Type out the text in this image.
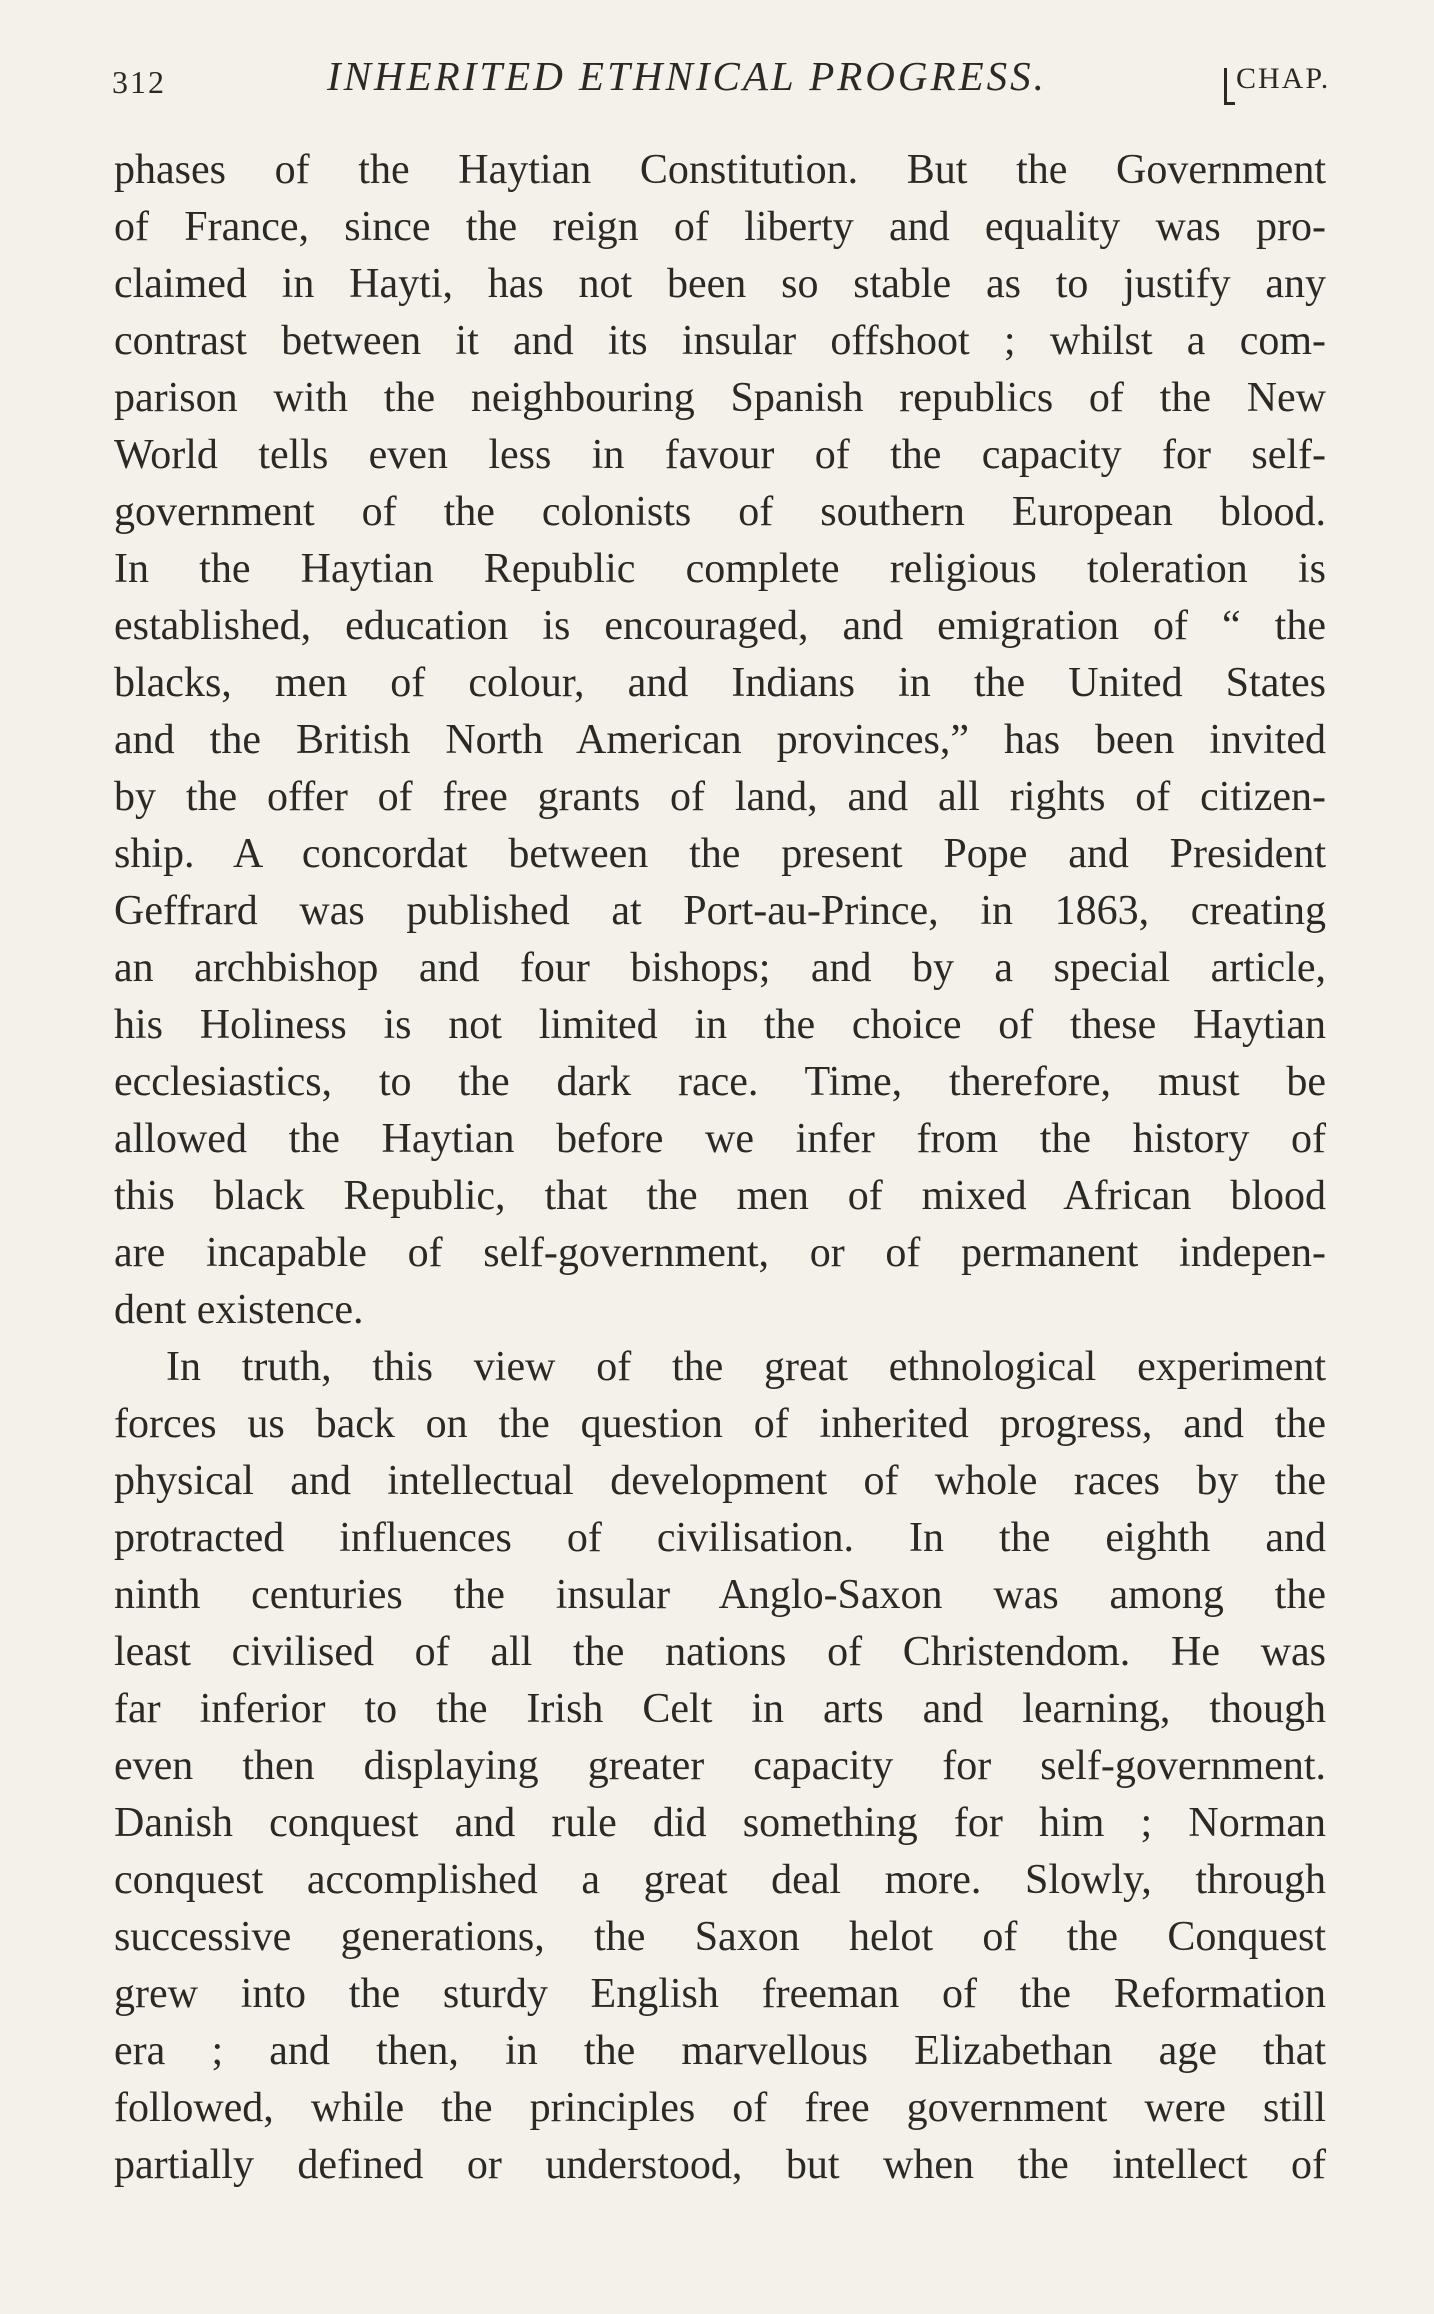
312	INHERITED ETHNICAL PROGRESS.	CHAP.
phases of the Haytian Constitution. But the Government
of France, since the reign of liberty and equality was pro-
claimed in Hayti, has not been so stable as to justify any
contrast between it and its insular offshoot ; whilst a com-
parison with the neighbouring Spanish republics of the New
World tells even less in favour of the capacity for self-
government of the colonists of southern European blood.
In the Haytian Republic complete religious toleration is
established, education is encouraged, and emigration of “ the
blacks, men of colour, and Indians in the United States
and the British North American provinces,” has been invited
by the offer of free grants of land, and all rights of citizen-
ship. A concordat between the present Pope and President
Geffrard was published at Port-au-Prince, in 1863, creating
an archbishop and four bishops; and by a special article,
his Holiness is not limited in the choice of these Haytian
ecclesiastics, to the dark race. Time, therefore, must be
allowed the Haytian before we infer from the history of
this black Republic, that the men of mixed African blood
are incapable of self-government, or of permanent indepen-
dent existence.
In truth, this view of the great ethnological experiment
forces us back on the question of inherited progress, and the
physical and intellectual development of whole races by the
protracted influences of civilisation. In the eighth and
ninth centuries the insular Anglo-Saxon was among the
least civilised of all the nations of Christendom. He was
far inferior to the Irish Celt in arts and learning, though
even then displaying greater capacity for self-government.
Danish conquest and rule did something for him ; Norman
conquest accomplished a great deal more. Slowly, through
successive generations, the Saxon helot of the Conquest
grew into the sturdy English freeman of the Reformation
era ; and then, in the marvellous Elizabethan age that
followed, while the principles of free government were still
partially defined or understood, but when the intellect of
